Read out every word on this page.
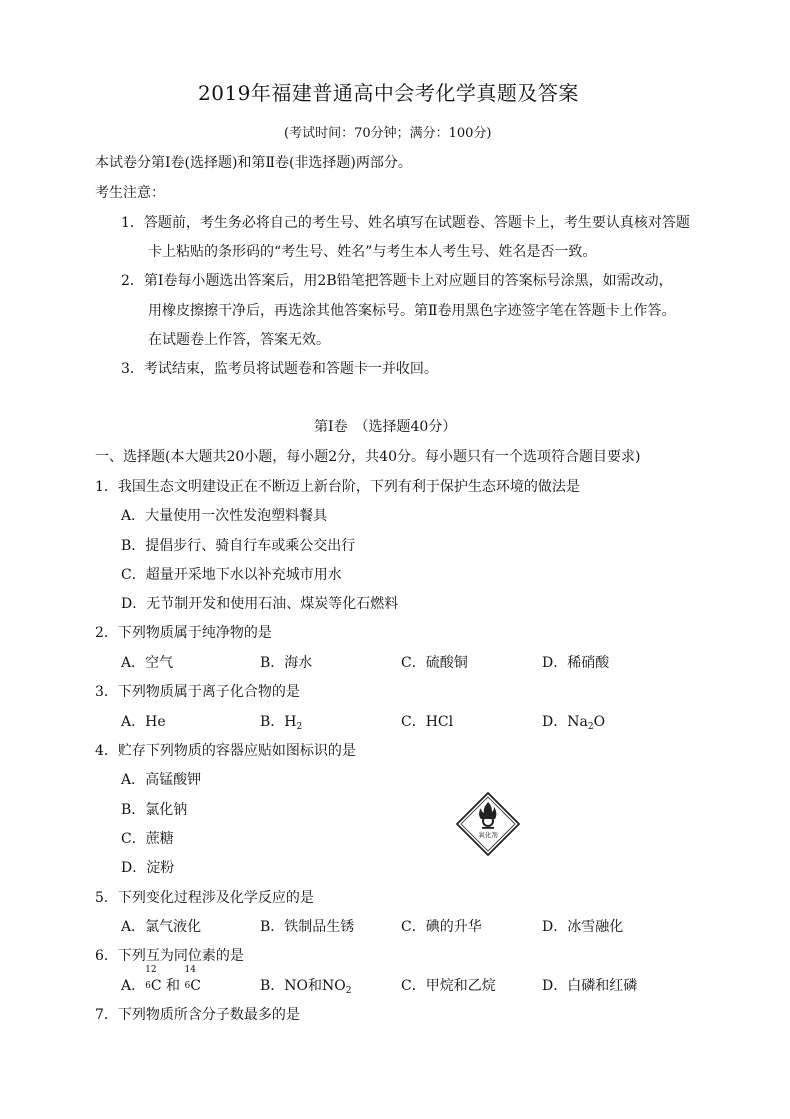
2019年福建普通高中会考化学真题及答案
(考试时间：70分钟；满分：100分)
本试卷分第Ⅰ卷(选择题)和第Ⅱ卷(非选择题)两部分。
考生注意：
1．答题前，考生务必将自己的考生号、姓名填写在试题卷、答题卡上，考生要认真核对答题
卡上粘贴的条形码的“考生号、姓名”与考生本人考生号、姓名是否一致。
2．第Ⅰ卷每小题选出答案后，用2B铅笔把答题卡上对应题目的答案标号涂黑，如需改动，
用橡皮擦擦干净后，再选涂其他答案标号。第Ⅱ卷用黑色字迹签字笔在答题卡上作答。
在试题卷上作答，答案无效。
3．考试结束，监考员将试题卷和答题卡一并收回。
第Ⅰ卷　（选择题40分）
一、选择题(本大题共20小题，每小题2分，共40分。每小题只有一个选项符合题目要求)
1．我国生态文明建设正在不断迈上新台阶，下列有利于保护生态环境的做法是
A．大量使用一次性发泡塑料餐具
B．提倡步行、骑自行车或乘公交出行
C．超量开采地下水以补充城市用水
D．无节制开发和使用石油、煤炭等化石燃料
2．下列物质属于纯净物的是
A．空气	B．海水	C．硫酸铜	D．稀硝酸
3．下列物质属于离子化合物的是
A．He	B．$H_2$	C．HCl	D．$Na_2O$
4．贮存下列物质的容器应贴如图标识的是
A．高锰酸钾
B．氯化钠
C．蔗糖
D．淀粉
氧化剂
5．下列变化过程涉及化学反应的是
A．氯气液化	B．铁制品生锈	C．碘的升华	D．冰雪融化
6．下列互为同位素的是
A．
12
6C 和
14
6C	B．NO和$NO_2$	C．甲烷和乙烷	D．白磷和红磷
7．下列物质所含分子数最多的是
